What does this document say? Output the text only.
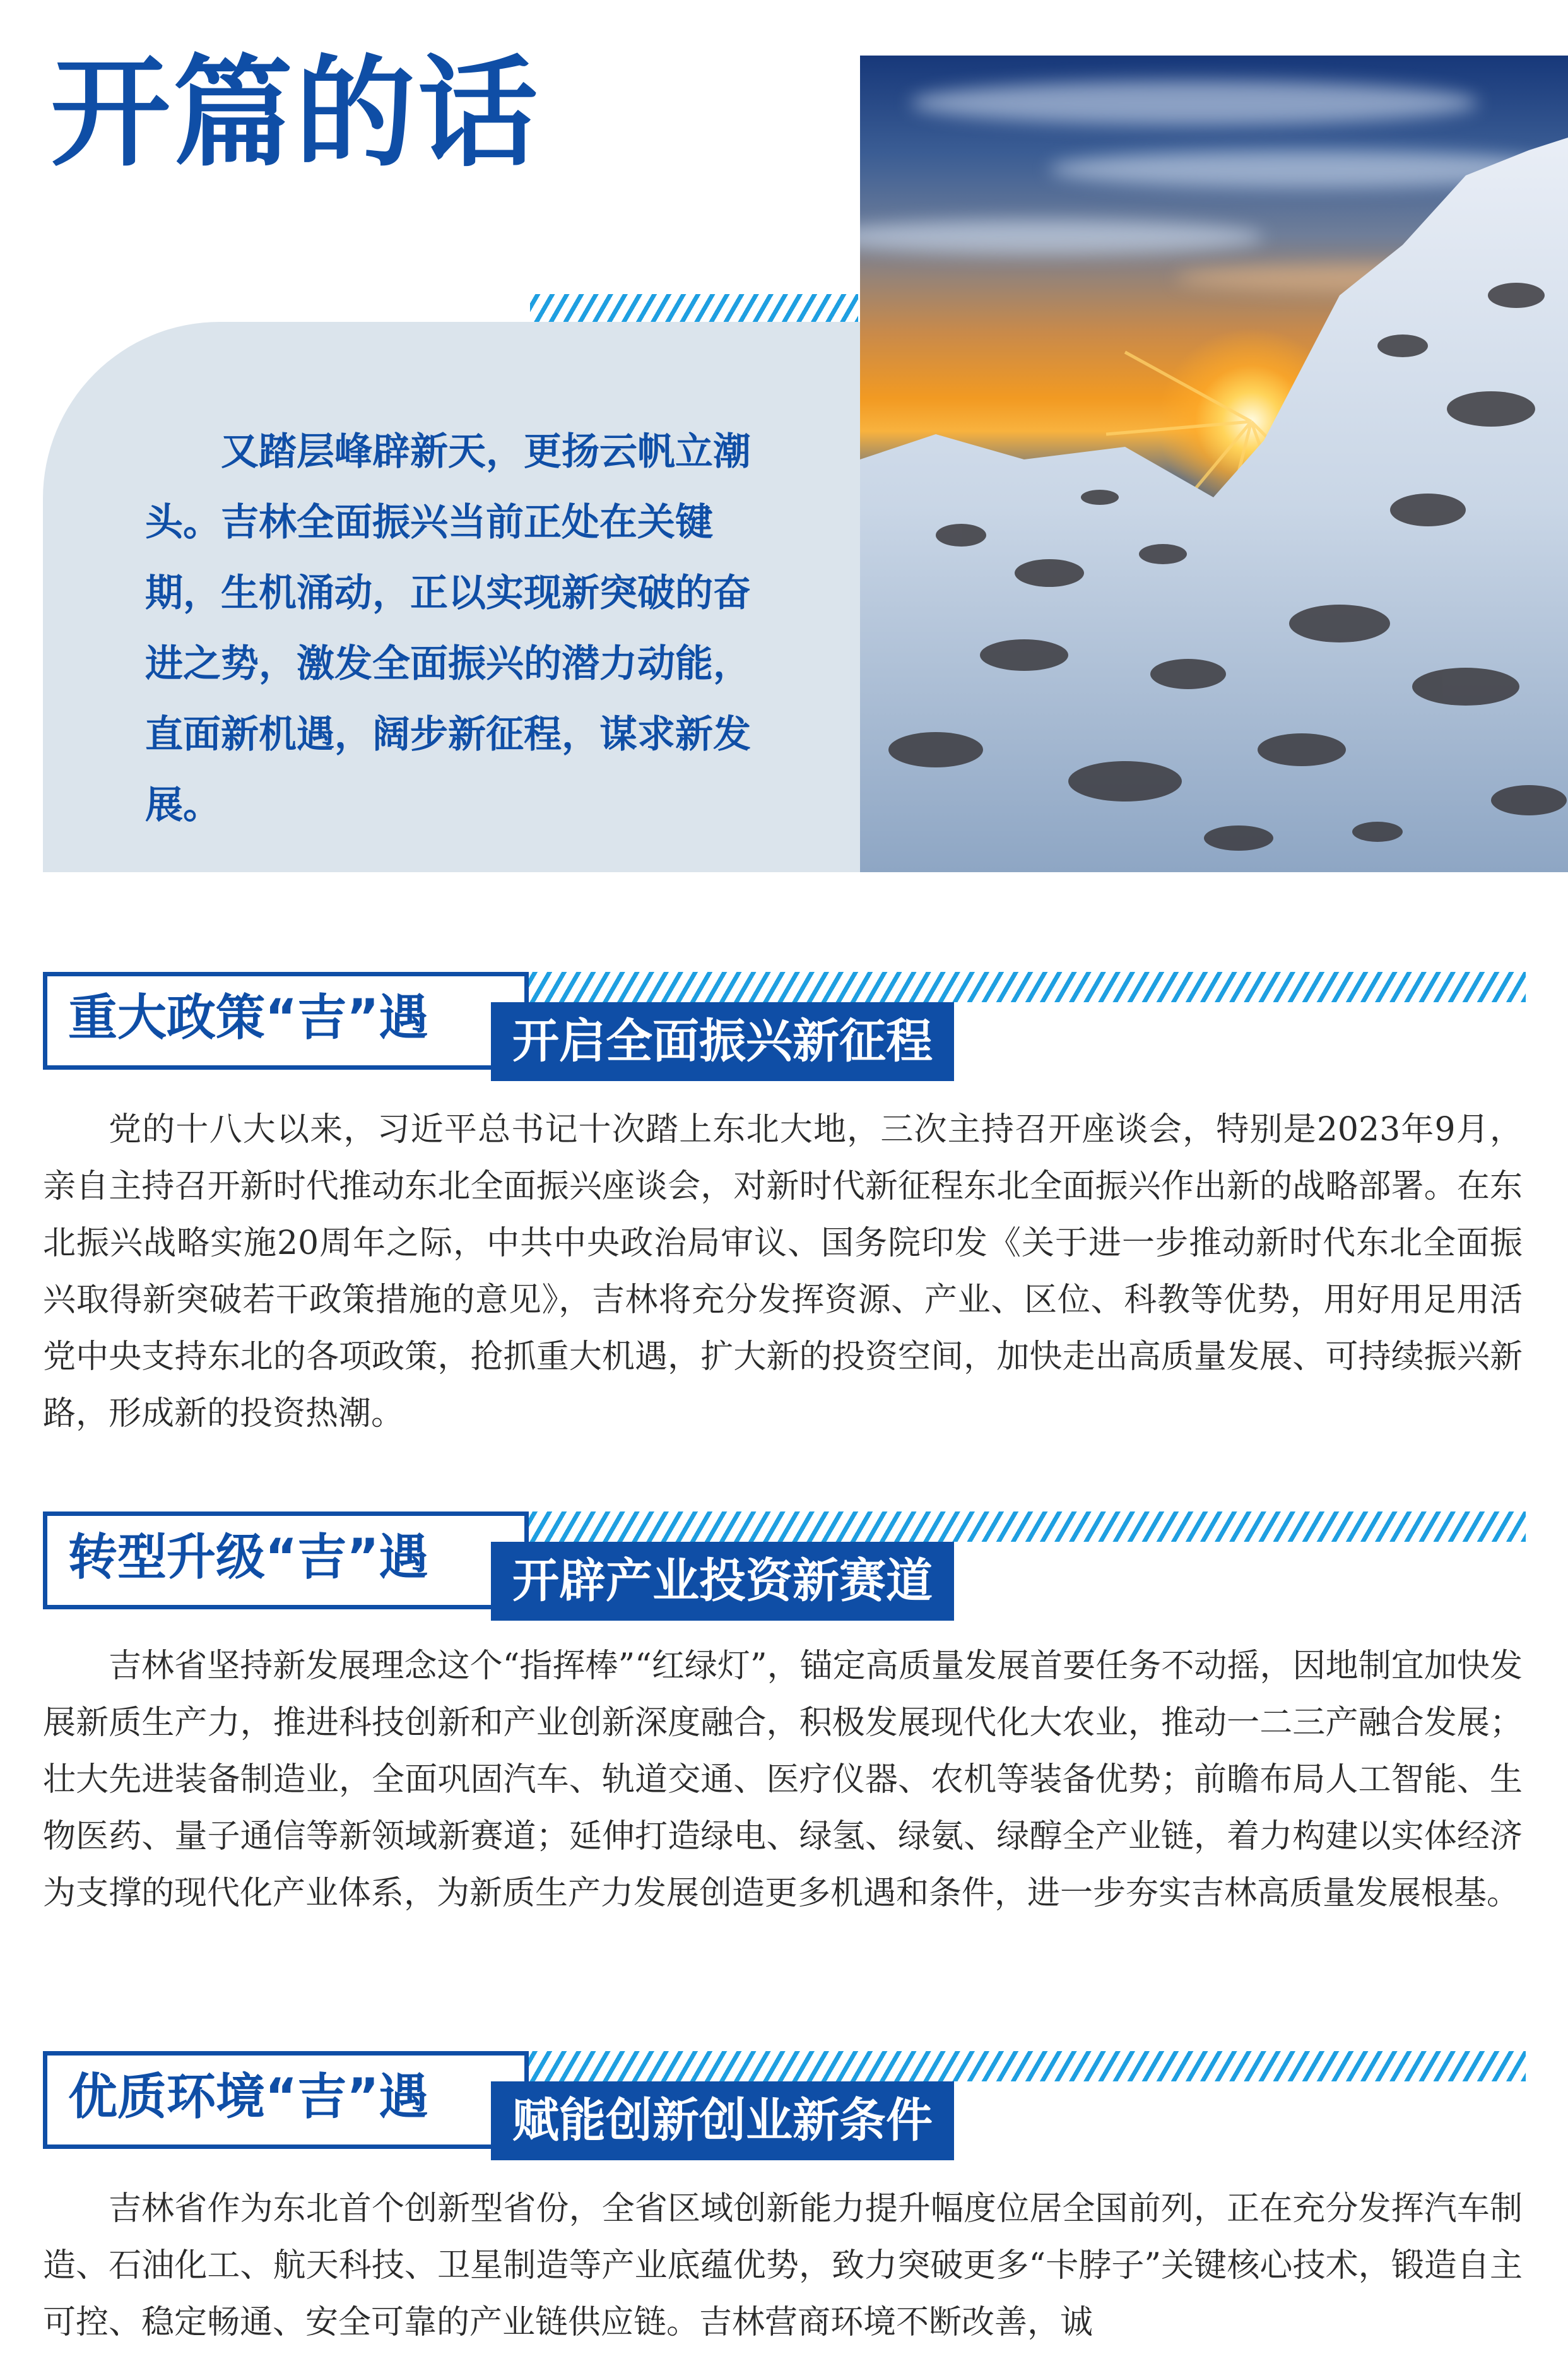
开篇的话

又踏层峰辟新天，更扬云帆立潮头。吉林全面振兴当前正处在关键期，生机涌动，正以实现新突破的奋进之势，激发全面振兴的潜力动能，直面新机遇，阔步新征程，谋求新发展。

重大政策“吉”遇	开启全面振兴新征程

党的十八大以来，习近平总书记十次踏上东北大地，三次主持召开座谈会，特别是2023年9月，亲自主持召开新时代推动东北全面振兴座谈会，对新时代新征程东北全面振兴作出新的战略部署。在东北振兴战略实施20周年之际，中共中央政治局审议、国务院印发《关于进一步推动新时代东北全面振兴取得新突破若干政策措施的意见》，吉林将充分发挥资源、产业、区位、科教等优势，用好用足用活党中央支持东北的各项政策，抢抓重大机遇，扩大新的投资空间，加快走出高质量发展、可持续振兴新路，形成新的投资热潮。

转型升级“吉”遇	开辟产业投资新赛道

吉林省坚持新发展理念这个“指挥棒”“红绿灯”，锚定高质量发展首要任务不动摇，因地制宜加快发展新质生产力，推进科技创新和产业创新深度融合，积极发展现代化大农业，推动一二三产融合发展；壮大先进装备制造业，全面巩固汽车、轨道交通、医疗仪器、农机等装备优势；前瞻布局人工智能、生物医药、量子通信等新领域新赛道；延伸打造绿电、绿氢、绿氨、绿醇全产业链，着力构建以实体经济为支撑的现代化产业体系，为新质生产力发展创造更多机遇和条件，进一步夯实吉林高质量发展根基。

优质环境“吉”遇	赋能创新创业新条件

吉林省作为东北首个创新型省份，全省区域创新能力提升幅度位居全国前列，正在充分发挥汽车制造、石油化工、航天科技、卫星制造等产业底蕴优势，致力突破更多“卡脖子”关键核心技术，锻造自主可控、稳定畅通、安全可靠的产业链供应链。吉林营商环境不断改善，诚
